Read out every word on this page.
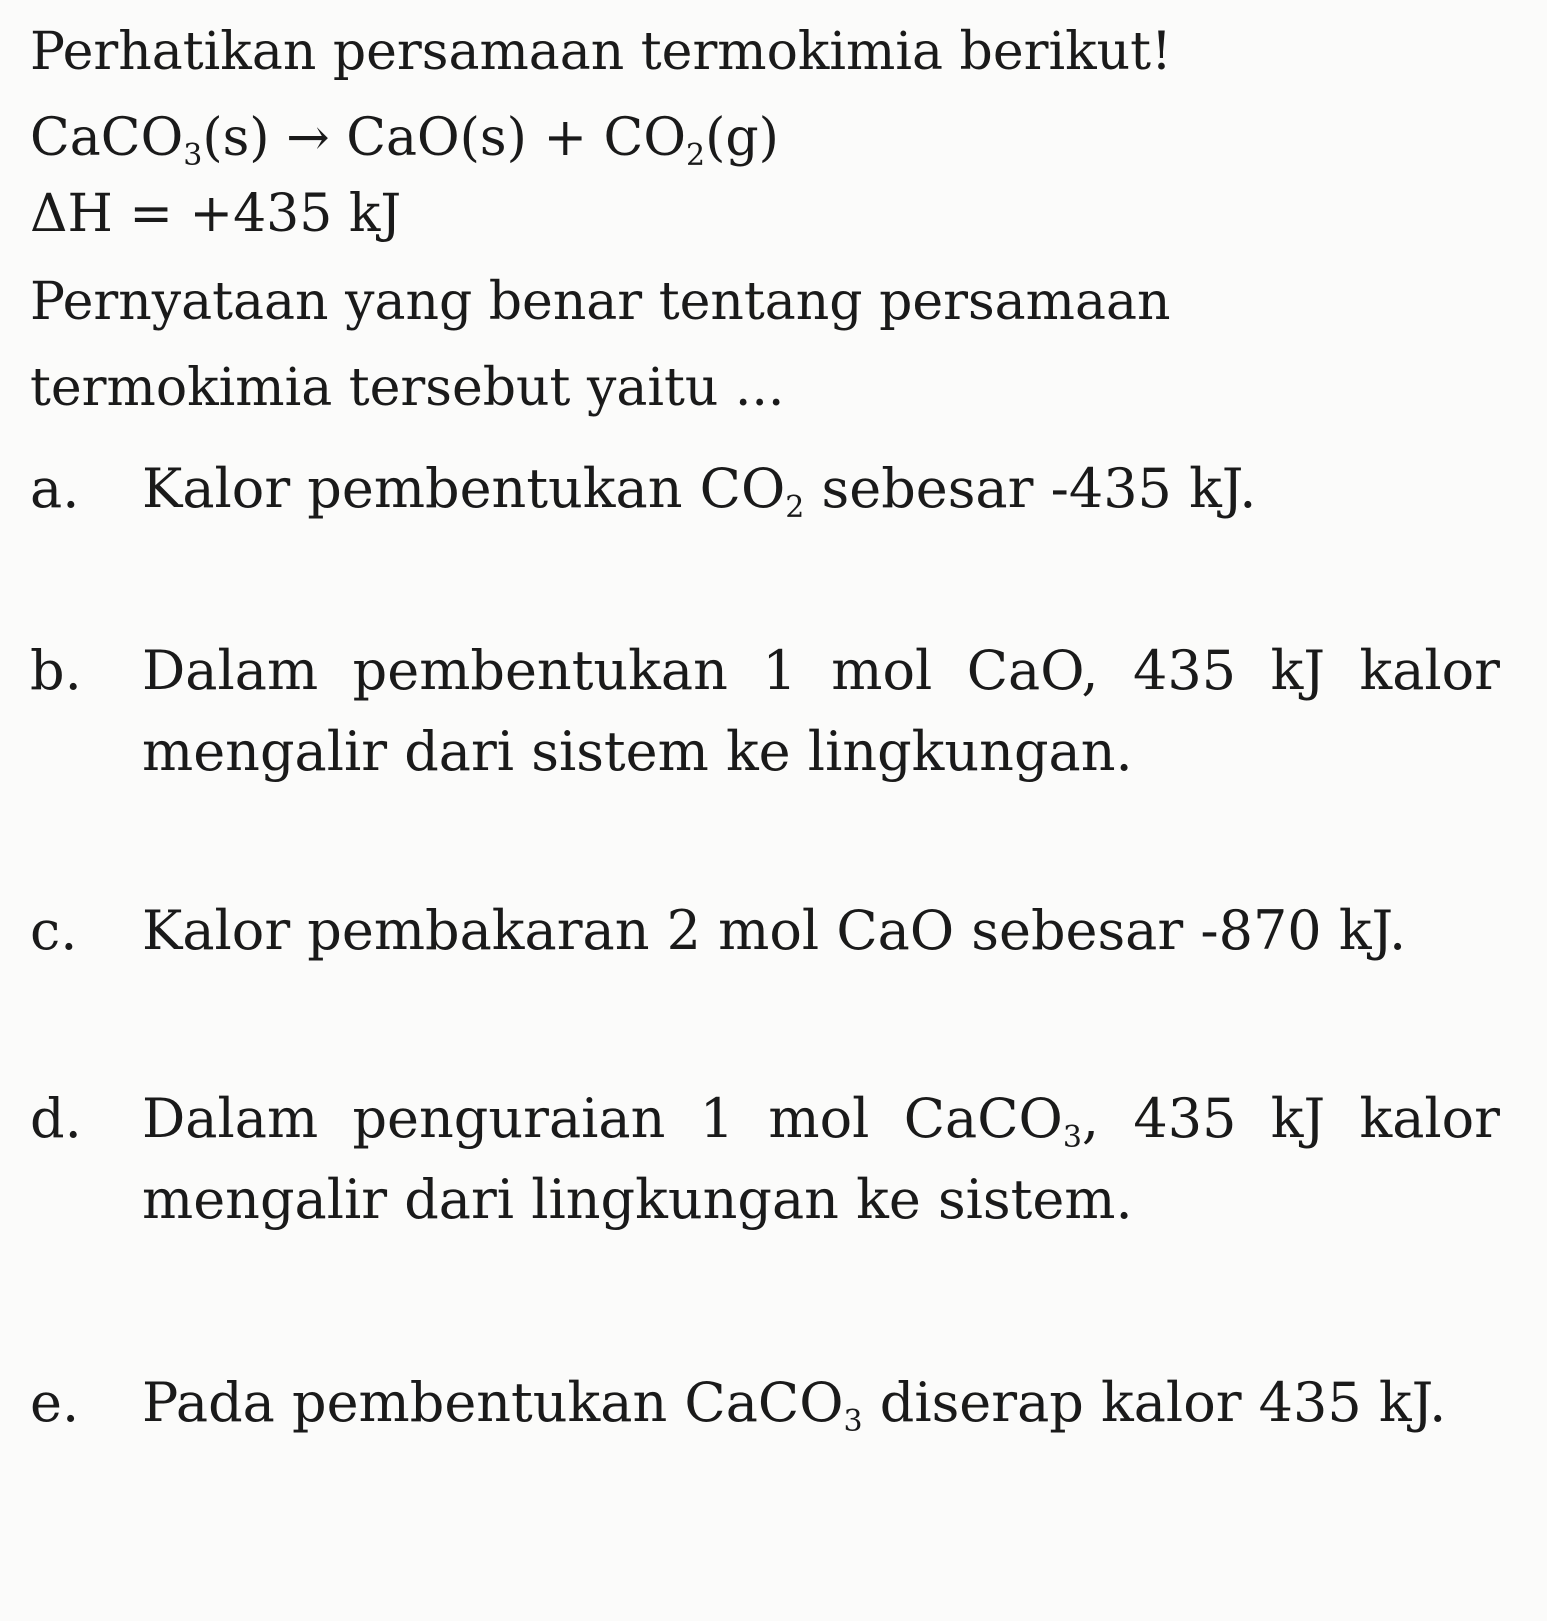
Perhatikan persamaan termokimia berikut!
CaCO$_3$(s) → $CaO(s) + CO_2(g)$
ΔH = +435 kJ
Pernyataan yang benar tentang persamaan
termokimia tersebut yaitu ...
a.	Kalor pembentukan $CO_2$ sebesar -435 kJ.
b.	Dalam pembentukan 1 mol CaO, 435 kJ kalor mengalir dari sistem ke lingkungan.
c.	Kalor pembakaran 2 mol CaO sebesar -870 kJ.
d.	Dalam penguraian 1 mol CaCO$_3$, 435 kJ kalor mengalir dari lingkungan ke sistem.
e.	Pada pembentukan CaCO$_3$ diserap kalor 435 kJ.
